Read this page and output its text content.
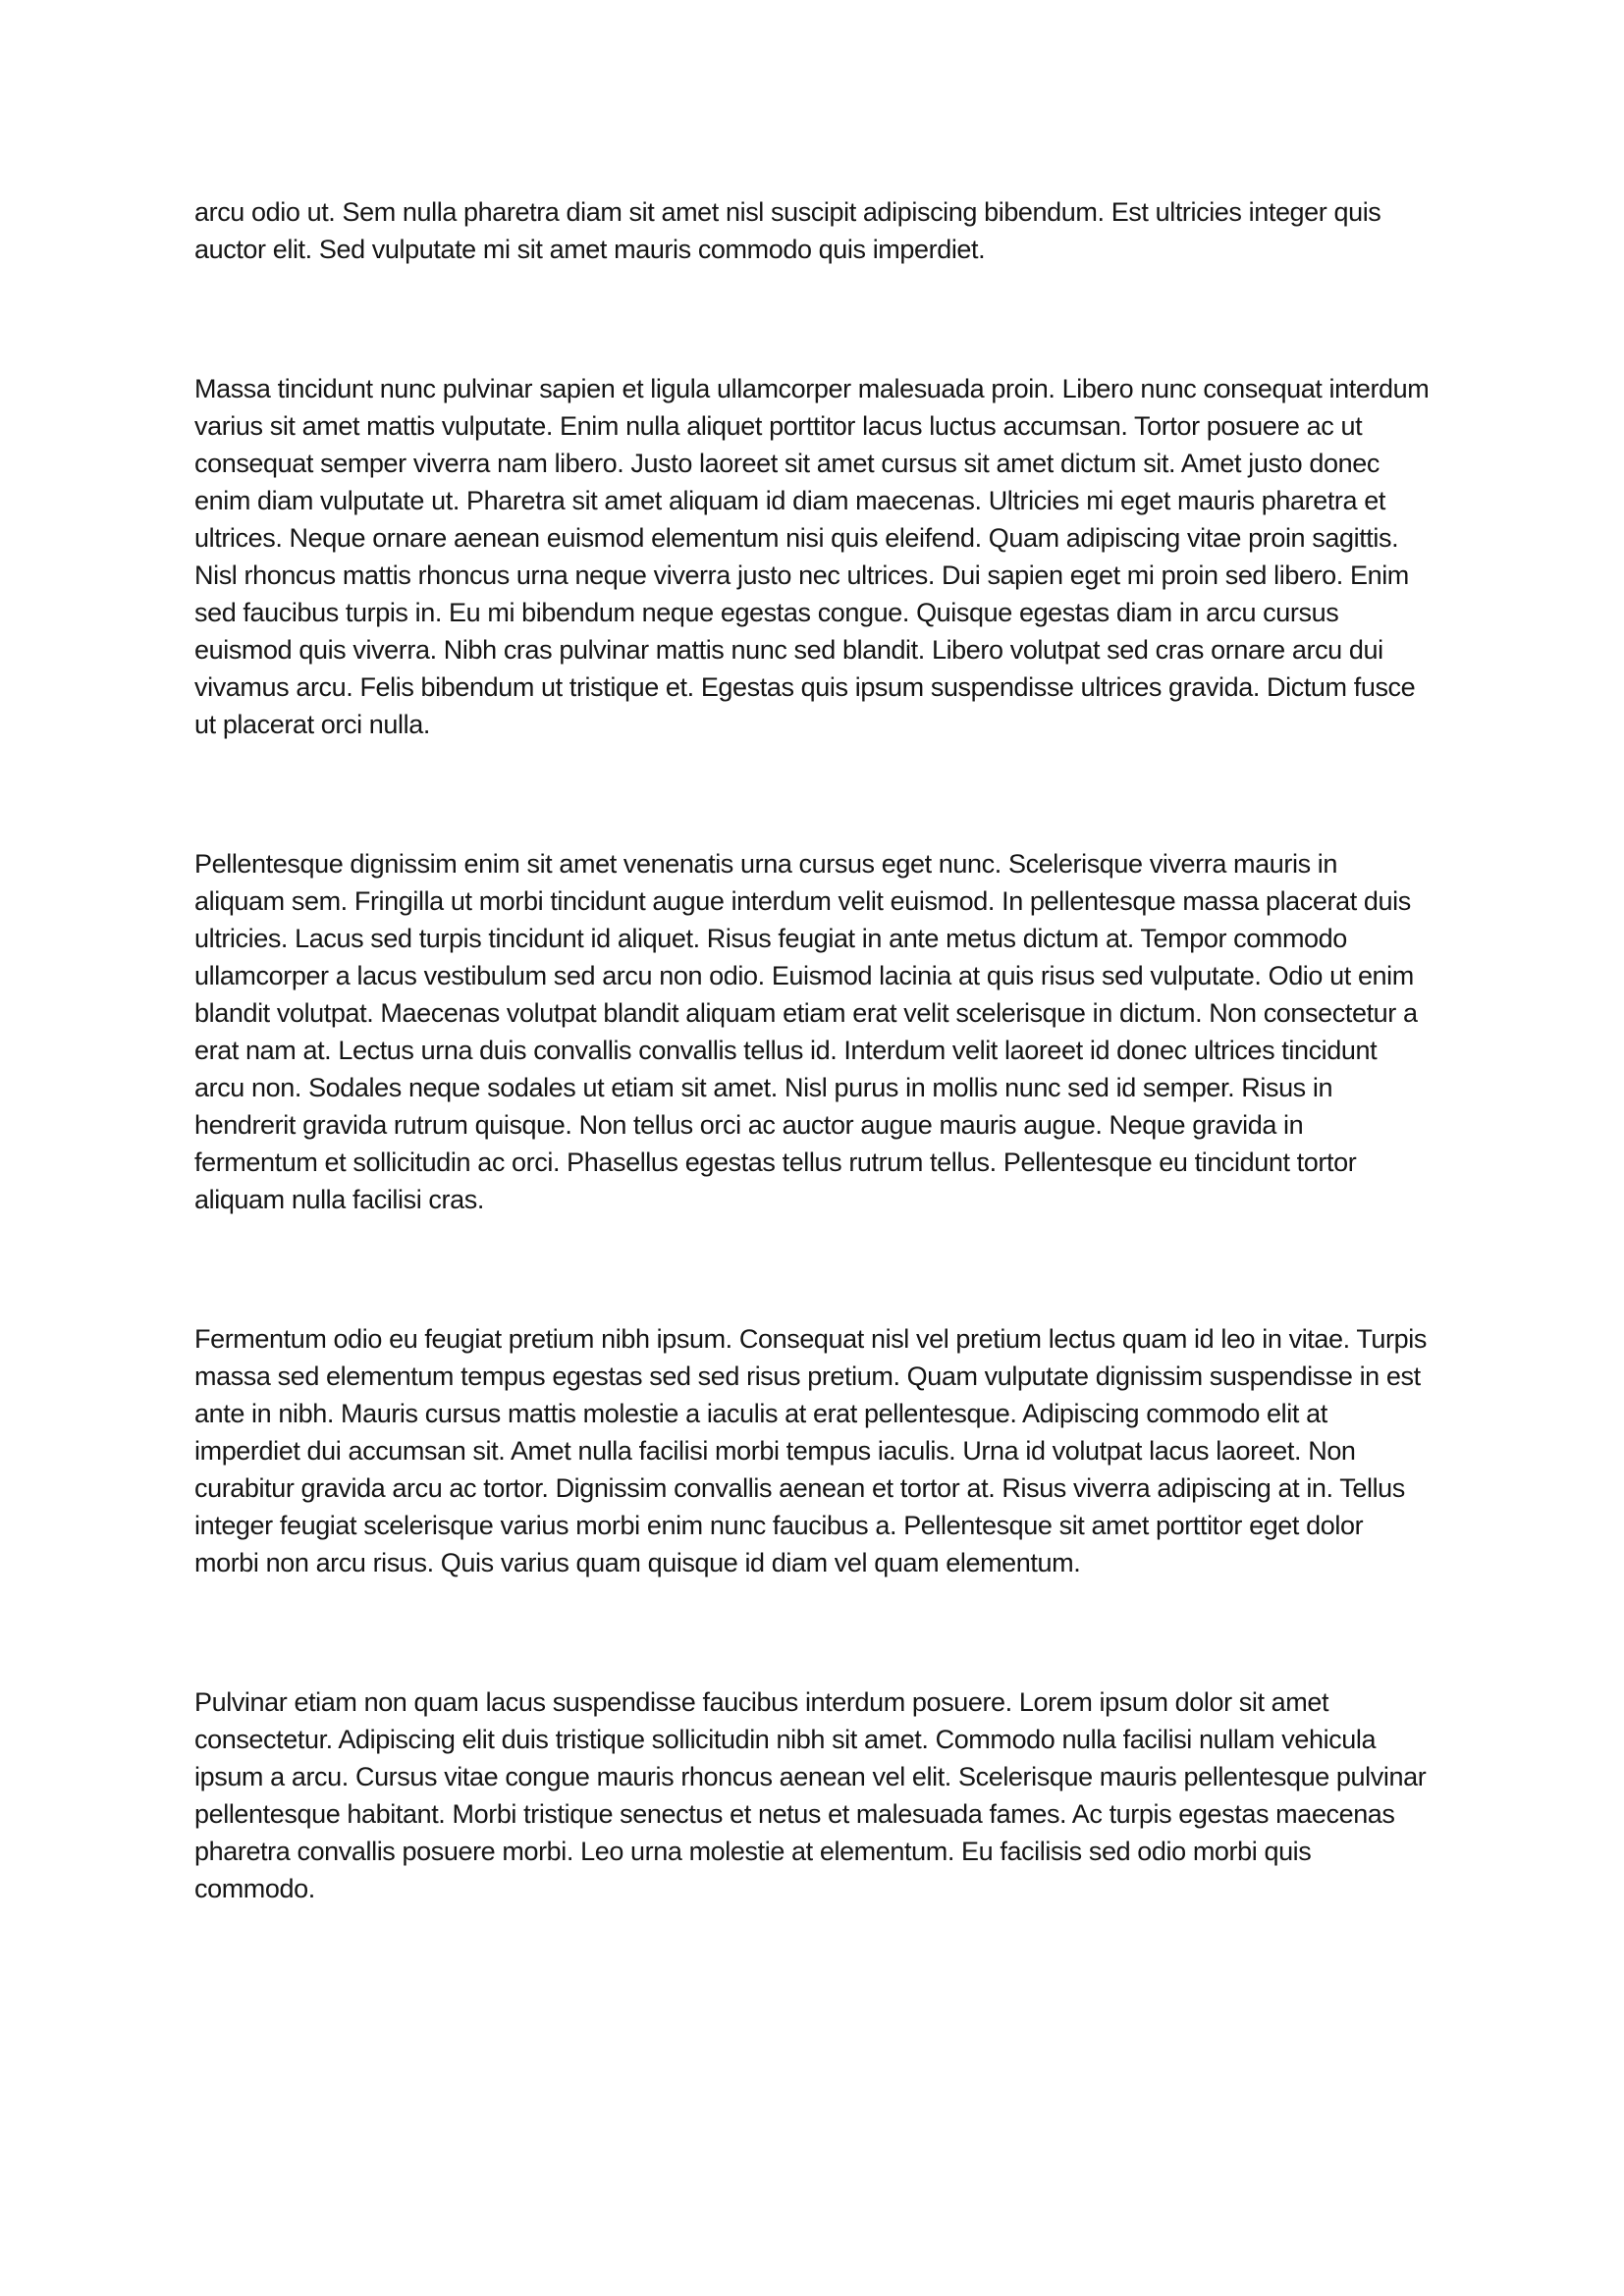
arcu odio ut. Sem nulla pharetra diam sit amet nisl suscipit adipiscing bibendum. Est ultricies integer quis auctor elit. Sed vulputate mi sit amet mauris commodo quis imperdiet.

Massa tincidunt nunc pulvinar sapien et ligula ullamcorper malesuada proin. Libero nunc consequat interdum varius sit amet mattis vulputate. Enim nulla aliquet porttitor lacus luctus accumsan. Tortor posuere ac ut consequat semper viverra nam libero. Justo laoreet sit amet cursus sit amet dictum sit. Amet justo donec enim diam vulputate ut. Pharetra sit amet aliquam id diam maecenas. Ultricies mi eget mauris pharetra et ultrices. Neque ornare aenean euismod elementum nisi quis eleifend. Quam adipiscing vitae proin sagittis. Nisl rhoncus mattis rhoncus urna neque viverra justo nec ultrices. Dui sapien eget mi proin sed libero. Enim sed faucibus turpis in. Eu mi bibendum neque egestas congue. Quisque egestas diam in arcu cursus euismod quis viverra. Nibh cras pulvinar mattis nunc sed blandit. Libero volutpat sed cras ornare arcu dui vivamus arcu. Felis bibendum ut tristique et. Egestas quis ipsum suspendisse ultrices gravida. Dictum fusce ut placerat orci nulla.

Pellentesque dignissim enim sit amet venenatis urna cursus eget nunc. Scelerisque viverra mauris in aliquam sem. Fringilla ut morbi tincidunt augue interdum velit euismod. In pellentesque massa placerat duis ultricies. Lacus sed turpis tincidunt id aliquet. Risus feugiat in ante metus dictum at. Tempor commodo ullamcorper a lacus vestibulum sed arcu non odio. Euismod lacinia at quis risus sed vulputate. Odio ut enim blandit volutpat. Maecenas volutpat blandit aliquam etiam erat velit scelerisque in dictum. Non consectetur a erat nam at. Lectus urna duis convallis convallis tellus id. Interdum velit laoreet id donec ultrices tincidunt arcu non. Sodales neque sodales ut etiam sit amet. Nisl purus in mollis nunc sed id semper. Risus in hendrerit gravida rutrum quisque. Non tellus orci ac auctor augue mauris augue. Neque gravida in fermentum et sollicitudin ac orci. Phasellus egestas tellus rutrum tellus. Pellentesque eu tincidunt tortor aliquam nulla facilisi cras.

Fermentum odio eu feugiat pretium nibh ipsum. Consequat nisl vel pretium lectus quam id leo in vitae. Turpis massa sed elementum tempus egestas sed sed risus pretium. Quam vulputate dignissim suspendisse in est ante in nibh. Mauris cursus mattis molestie a iaculis at erat pellentesque. Adipiscing commodo elit at imperdiet dui accumsan sit. Amet nulla facilisi morbi tempus iaculis. Urna id volutpat lacus laoreet. Non curabitur gravida arcu ac tortor. Dignissim convallis aenean et tortor at. Risus viverra adipiscing at in. Tellus integer feugiat scelerisque varius morbi enim nunc faucibus a. Pellentesque sit amet porttitor eget dolor morbi non arcu risus. Quis varius quam quisque id diam vel quam elementum.

Pulvinar etiam non quam lacus suspendisse faucibus interdum posuere. Lorem ipsum dolor sit amet consectetur. Adipiscing elit duis tristique sollicitudin nibh sit amet. Commodo nulla facilisi nullam vehicula ipsum a arcu. Cursus vitae congue mauris rhoncus aenean vel elit. Scelerisque mauris pellentesque pulvinar pellentesque habitant. Morbi tristique senectus et netus et malesuada fames. Ac turpis egestas maecenas pharetra convallis posuere morbi. Leo urna molestie at elementum. Eu facilisis sed odio morbi quis commodo.
